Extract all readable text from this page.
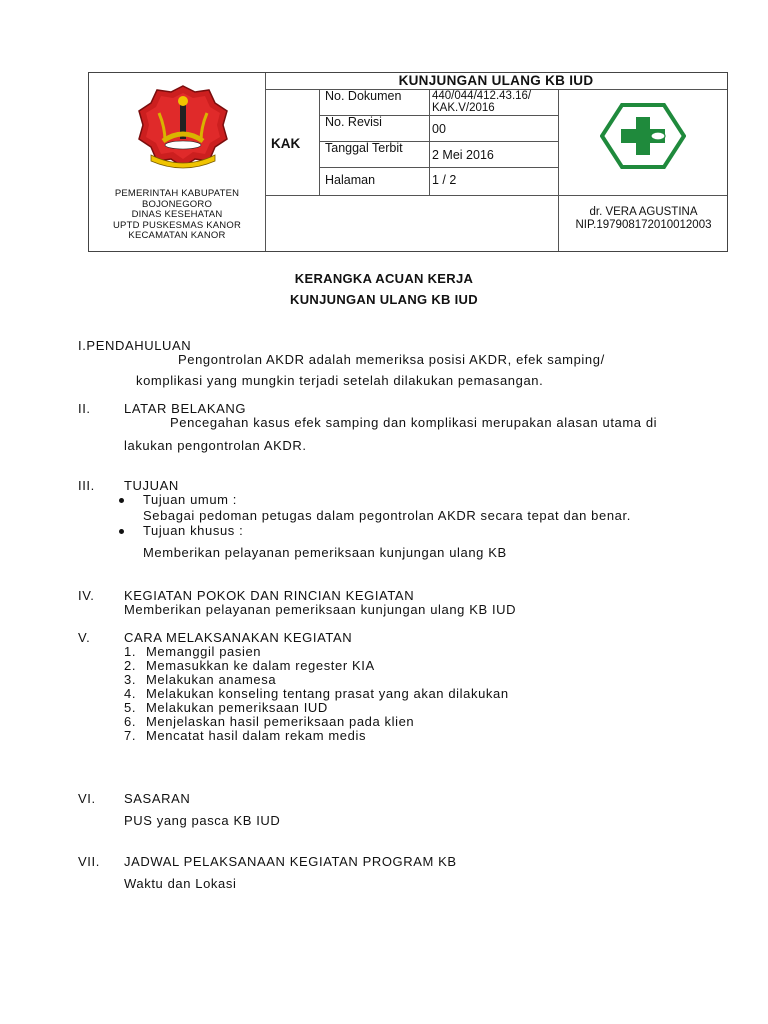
PEMERINTAH KABUPATEN
BOJONEGORO
DINAS KESEHATAN
UPTD PUSKESMAS KANOR
KECAMATAN KANOR
KUNJUNGAN ULANG KB IUD
KAK
No. Dokumen	440/044/412.43.16/
KAK.V/2016
No. Revisi	00
Tanggal Terbit 2 Mei 2016
Halaman	1 / 2
dr. VERA AGUSTINA
NIP.197908172010012003
KERANGKA ACUAN KERJA
KUNJUNGAN ULANG KB IUD
I.PENDAHULUAN
Pengontrolan AKDR adalah memeriksa posisi AKDR, efek samping/
komplikasi yang mungkin terjadi setelah dilakukan pemasangan.
II.	LATAR BELAKANG
Pencegahan kasus efek samping dan komplikasi merupakan alasan utama di
lakukan pengontrolan AKDR.
III. TUJUAN
Tujuan umum :
Sebagai pedoman petugas dalam pegontrolan AKDR secara tepat dan benar.
Tujuan khusus :
Memberikan pelayanan pemeriksaan kunjungan ulang KB
IV. KEGIATAN POKOK DAN RINCIAN KEGIATAN
Memberikan pelayanan pemeriksaan kunjungan ulang KB IUD
V.	CARA MELAKSANAKAN KEGIATAN
1. Memanggil pasien
2. Memasukkan ke dalam regester KIA
3. Melakukan anamesa
4. Melakukan konseling tentang prasat yang akan dilakukan
5. Melakukan pemeriksaan IUD
6. Menjelaskan hasil pemeriksaan pada klien
7. Mencatat hasil dalam rekam medis
VI. SASARAN
PUS yang pasca KB IUD
VII. JADWAL PELAKSANAAN KEGIATAN PROGRAM KB
Waktu dan Lokasi
